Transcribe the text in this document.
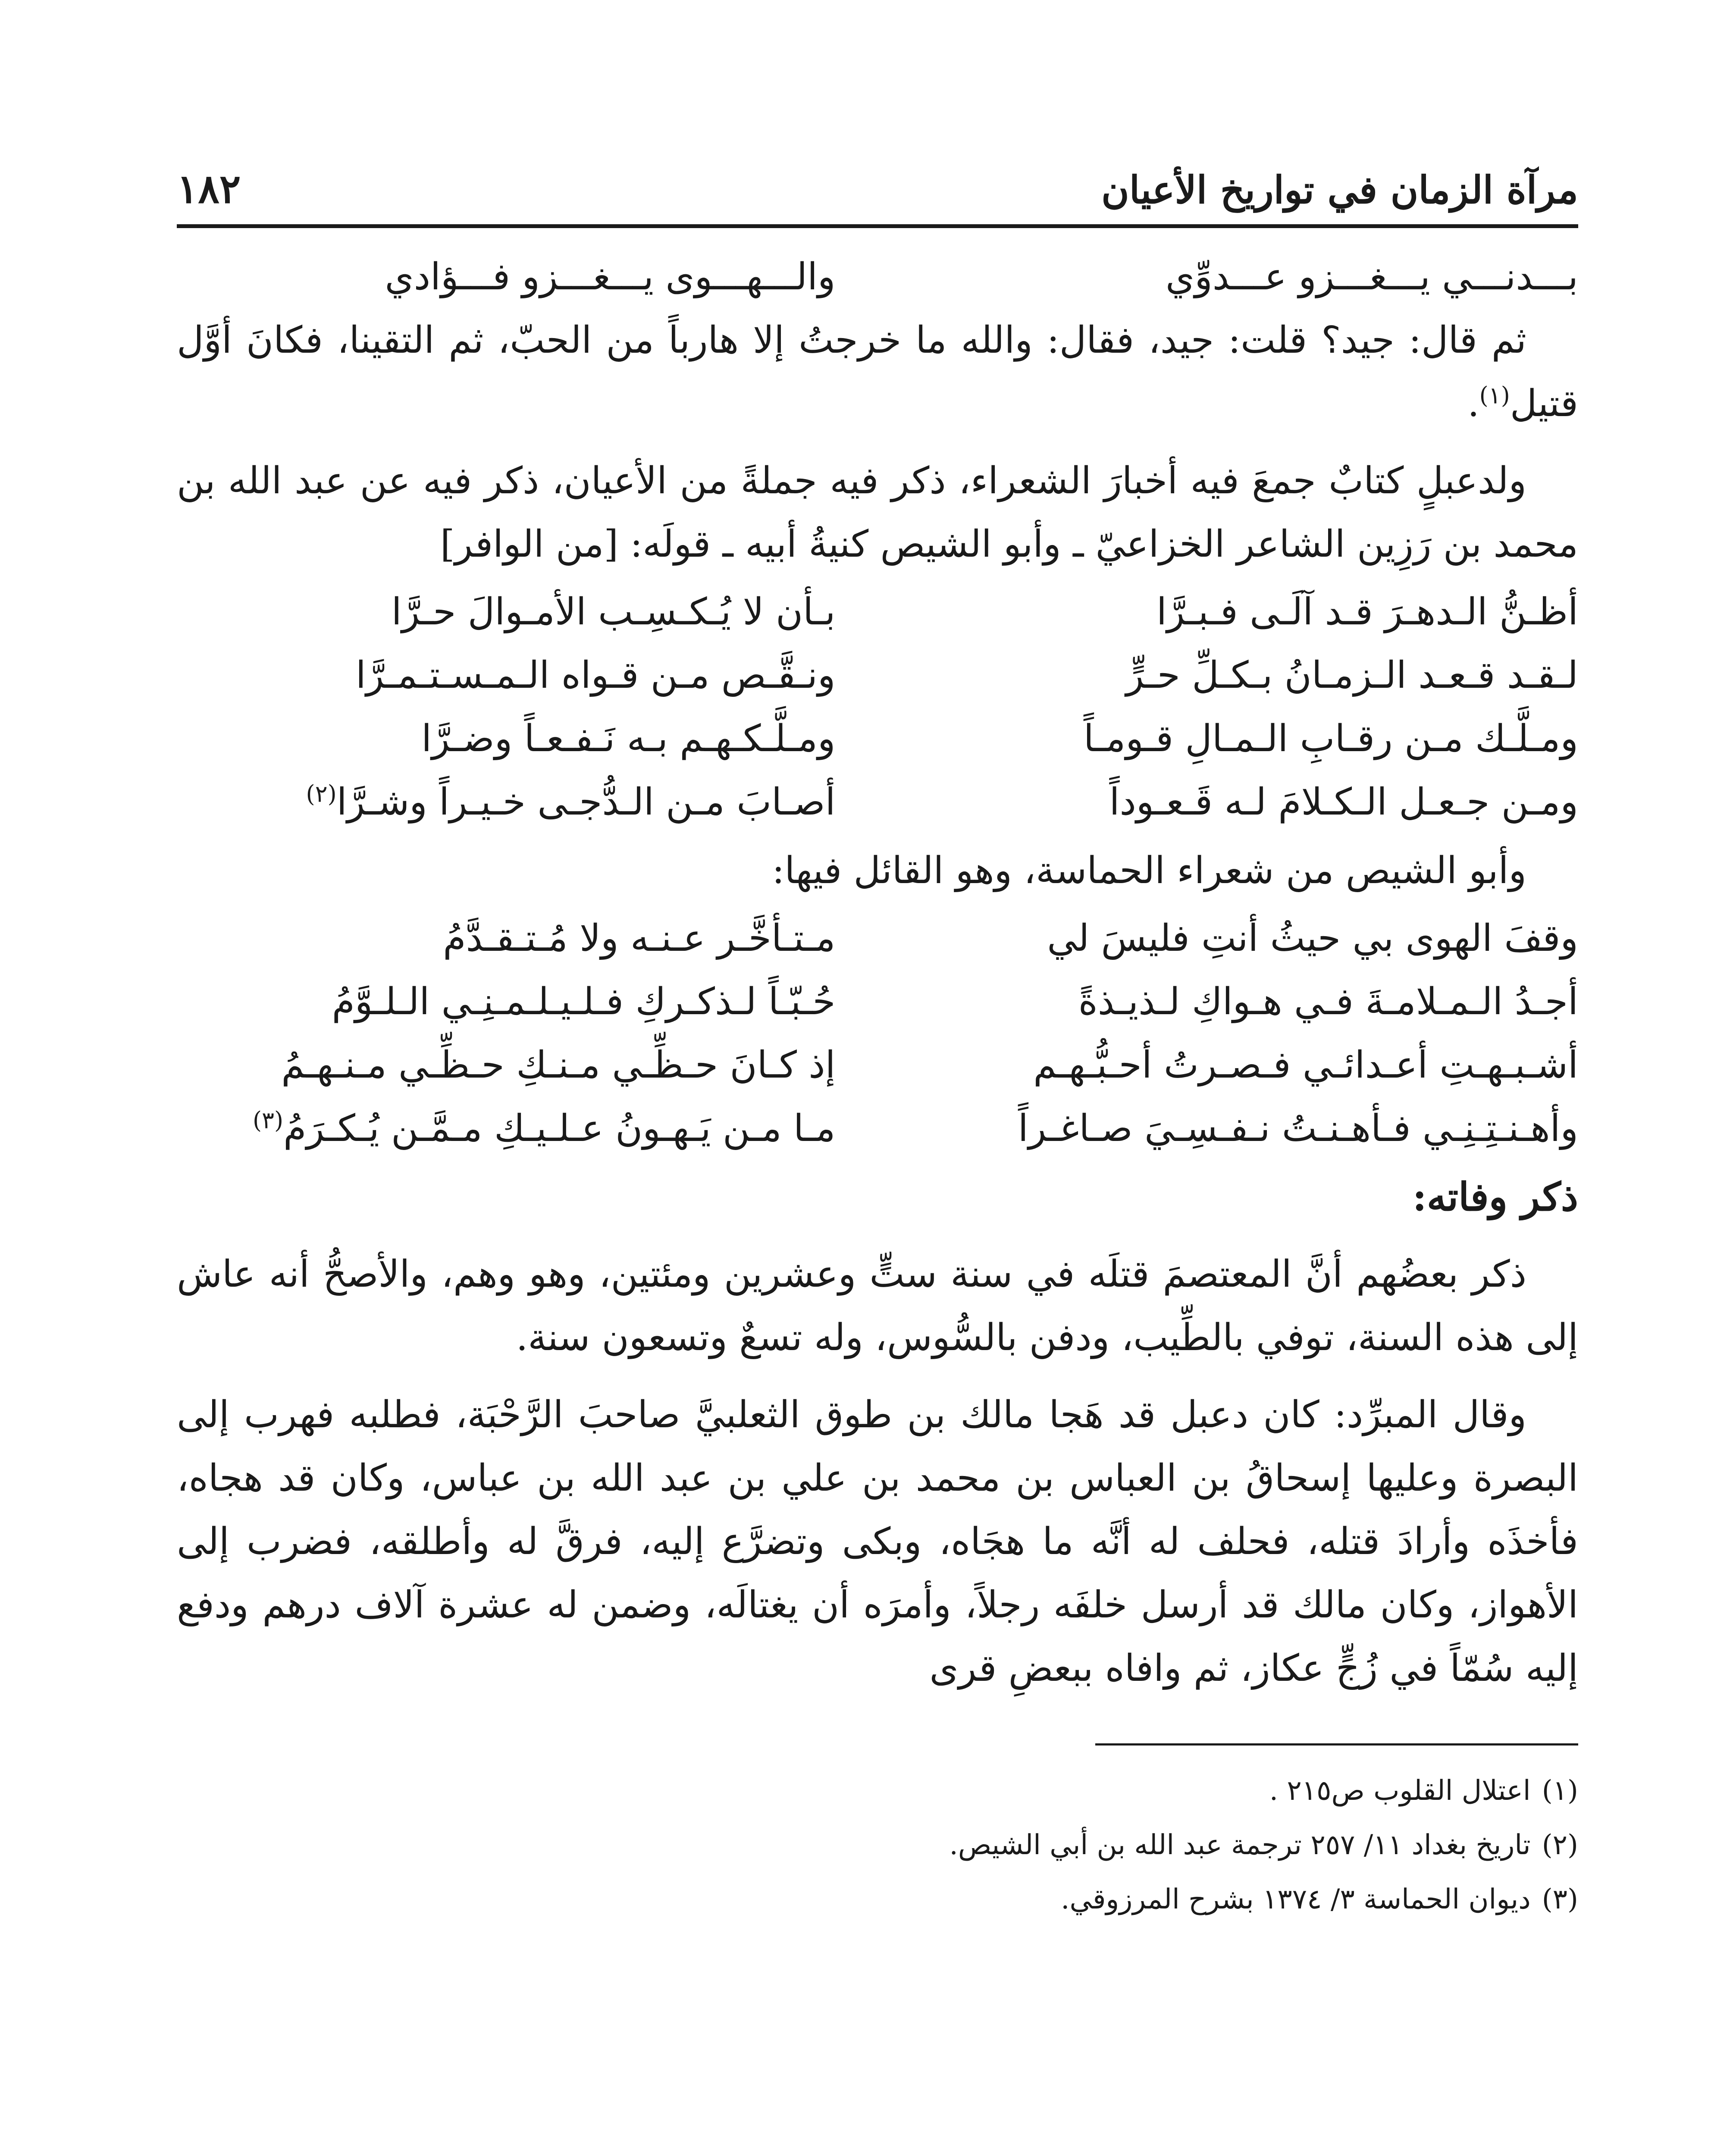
مرآة الزمان في تواريخ الأعيان
١٨٢
بـــدنـــي يـــغـــزو عـــدوِّي
والـــهـــوى يـــغـــزو فـــؤادي

ثم قال: جيد؟ قلت: جيد، فقال: والله ما خرجتُ إلا هارباً من الحبّ، ثم التقينا، فكانَ أوَّل قتيل$^{(١)}$.

ولدعبلٍ كتابٌ جمعَ فيه أخبارَ الشعراء، ذكر فيه جملةً من الأعيان، ذكر فيه عن عبد الله بن محمد بن رَزِين الشاعر الخزاعيّ ـ وأبو الشيص كنيةُ أبيه ـ قولَه: [من الوافر]

أظـنُّ الـدهـرَ قـد آلَـى فـبـرَّا
بـأن لا يُـكـسِـب الأمـوالَ حـرَّا
لـقـد قـعـد الـزمـانُ بـكـلِّ حـرٍّ
ونـقَّـص مـن قـواه الـمـسـتـمـرَّا
ومـلَّـك مـن رقـابِ الـمـالِ قـومـاً
ومـلَّـكـهـم بـه نَـفـعـاً وضـرَّا
ومـن جـعـل الـكـلامَ لـه قَـعـوداً
أصـابَ مـن الـدُّجـى خـيـراً وشـرَّا$^{(٢)}$

وأبو الشيص من شعراء الحماسة، وهو القائل فيها:

وقفَ الهوى بي حيثُ أنتِ فليسَ لي
مـتـأخَّـر عـنـه ولا مُـتـقـدَّمُ
أجـدُ الـمـلامـةَ فـي هـواكِ لـذيـذةً
حُـبّـاً لـذكـركِ فـلـيـلـمـنِـي الـلـوَّمُ
أشـبـهـتِ أعـدائـي فـصـرتُ أحـبُّـهـم
إذ كـانَ حـظِّـي مـنـكِ حـظِّـي مـنـهـمُ
وأهـنـتِـنِـي فـأهـنـتُ نـفـسِـيَ صـاغـراً
مـا مـن يَـهـونُ عـلـيـكِ مـمَّـن يُـكـرَمُ$^{(٣)}$
ذكر وفاته:

ذكر بعضُهم أنَّ المعتصمَ قتلَه في سنة ستٍّ وعشرين ومئتين، وهو وهم، والأصحُّ أنه عاش إلى هذه السنة، توفي بالطِّيب، ودفن بالسُّوس، وله تسعٌ وتسعون سنة.

وقال المبرِّد: كان دعبل قد هَجا مالك بن طوق الثعلبيَّ صاحبَ الرَّحْبَة، فطلبه فهرب إلى البصرة وعليها إسحاقُ بن العباس بن محمد بن علي بن عبد الله بن عباس، وكان قد هجاه، فأخذَه وأرادَ قتله، فحلف له أنَّه ما هجَاه، وبكى وتضرَّع إليه، فرقَّ له وأطلقه، فضرب إلى الأهواز، وكان مالك قد أرسل خلفَه رجلاً، وأمرَه أن يغتالَه، وضمن له عشرة آلاف درهم ودفع إليه سُمّاً في زُجٍّ عكاز، ثم وافاه ببعضِ قرى

(١)اعتلال القلوب ص٢١٥ .
(٢)تاريخ بغداد ١١/ ٢٥٧ ترجمة عبد الله بن أبي الشيص.
(٣)ديوان الحماسة ٣/ ١٣٧٤ بشرح المرزوقي.
